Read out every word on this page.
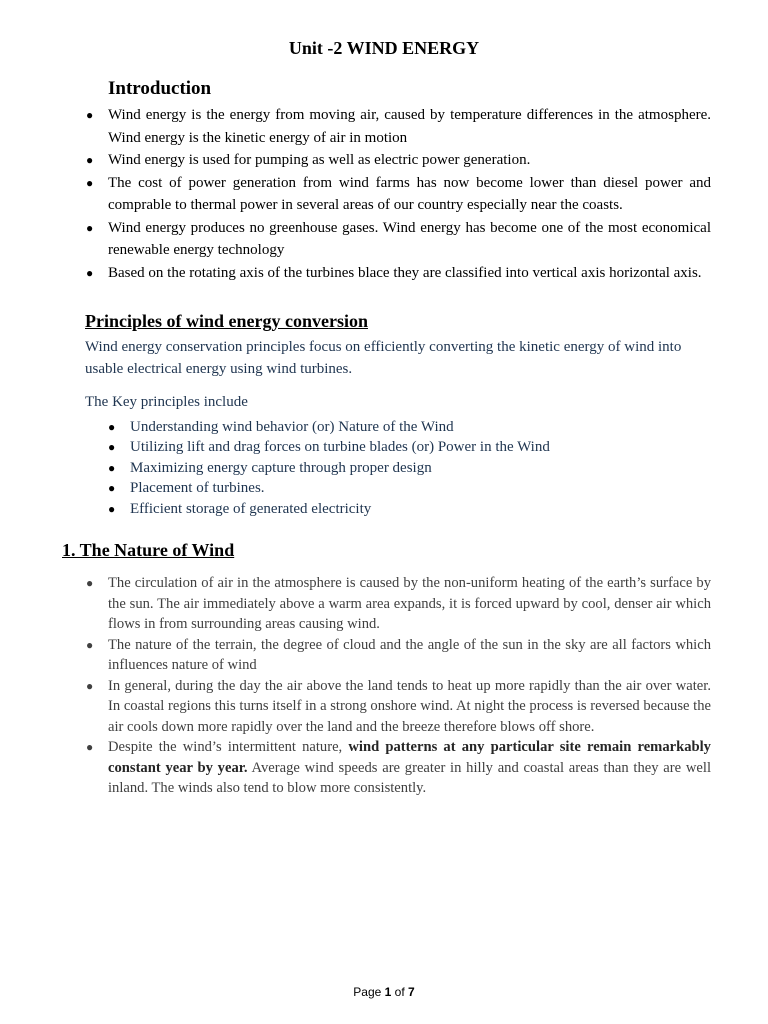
Unit -2 WIND ENERGY
Introduction
● Wind energy is the energy from moving air, caused by temperature differences in the atmosphere. Wind energy is the kinetic energy of air in motion
● Wind energy is used for pumping as well as electric power generation.
● The cost of power generation from wind farms has now become lower than diesel power and comprable to thermal power in several areas of our country especially near the coasts.
● Wind energy produces no greenhouse gases. Wind energy has become one of the most economical renewable energy technology
● Based on the rotating axis of the turbines blace they are classified into vertical axis horizontal axis.
Principles of wind energy conversion

Wind energy conservation principles focus on efficiently converting the kinetic energy of wind into usable electrical energy using wind turbines.

The Key principles include

● Understanding wind behavior (or) Nature of the Wind
● Utilizing lift and drag forces on turbine blades (or) Power in the Wind
● Maximizing energy capture through proper design
● Placement of turbines.
● Efficient storage of generated electricity
1. The Nature of Wind
● The circulation of air in the atmosphere is caused by the non-uniform heating of the earth’s surface by the sun. The air immediately above a warm area expands, it is forced upward by cool, denser air which flows in from surrounding areas causing wind.
● The nature of the terrain, the degree of cloud and the angle of the sun in the sky are all factors which influences nature of wind
● In general, during the day the air above the land tends to heat up more rapidly than the air over water. In coastal regions this turns itself in a strong onshore wind. At night the process is reversed because the air cools down more rapidly over the land and the breeze therefore blows off shore.
● Despite the wind’s intermittent nature, wind patterns at any particular site remain remarkably constant year by year. Average wind speeds are greater in hilly and coastal areas than they are well inland. The winds also tend to blow more consistently.
Page 1 of 7
